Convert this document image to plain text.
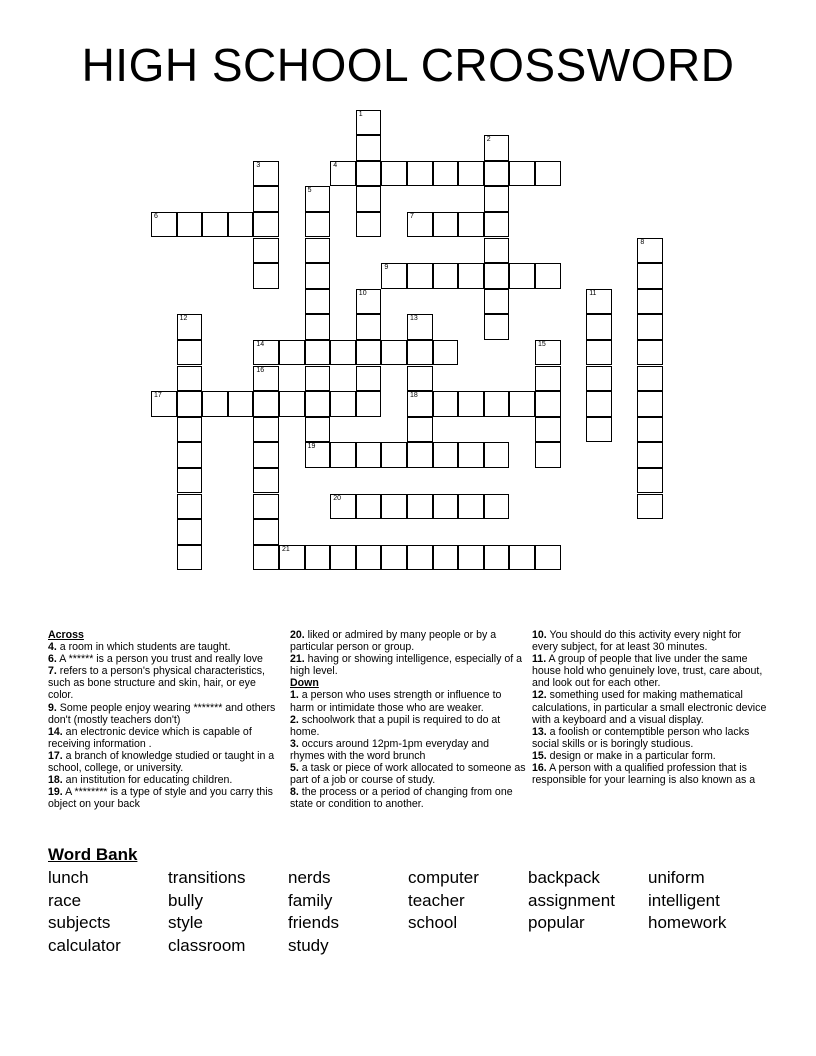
HIGH SCHOOL CROSSWORD
4
6	7
9
14
17	18
19
20
21
1
2
3
5
8
10	11
12	13
15
16
Across
4. a room in which students are taught.
6. A ****** is a person you trust and really love
7. refers to a person's physical characteristics, such as bone structure and skin, hair, or eye color.
9. Some people enjoy wearing ******* and others don't (mostly teachers don't)
14. an electronic device which is capable of receiving information .
17. a branch of knowledge studied or taught in a school, college, or university.
18. an institution for educating children.
19. A ******** is a type of style and you carry this object on your back
20. liked or admired by many people or by a particular person or group.
21. having or showing intelligence, especially of a high level.
Down
1. a person who uses strength or influence to harm or intimidate those who are weaker.
2. schoolwork that a pupil is required to do at home.
3. occurs around 12pm-1pm everyday and rhymes with the word brunch
5. a task or piece of work allocated to someone as part of a job or course of study.
8. the process or a period of changing from one state or condition to another.
10. You should do this activity every night for every subject, for at least 30 minutes.
11. A group of people that live under the same house hold who genuinely love, trust, care about, and look out for each other.
12. something used for making mathematical calculations, in particular a small electronic device with a keyboard and a visual display.
13. a foolish or contemptible person who lacks social skills or is boringly studious.
15. design or make in a particular form.
16. A person with a qualified profession that is responsible for your learning is also known as a
Word Bank
lunch	transitions	nerds	computer	backpack	uniform
race	bully	family	teacher	assignment intelligent
subjects	style	friends	school	popular	homework
calculator	classroom	study
